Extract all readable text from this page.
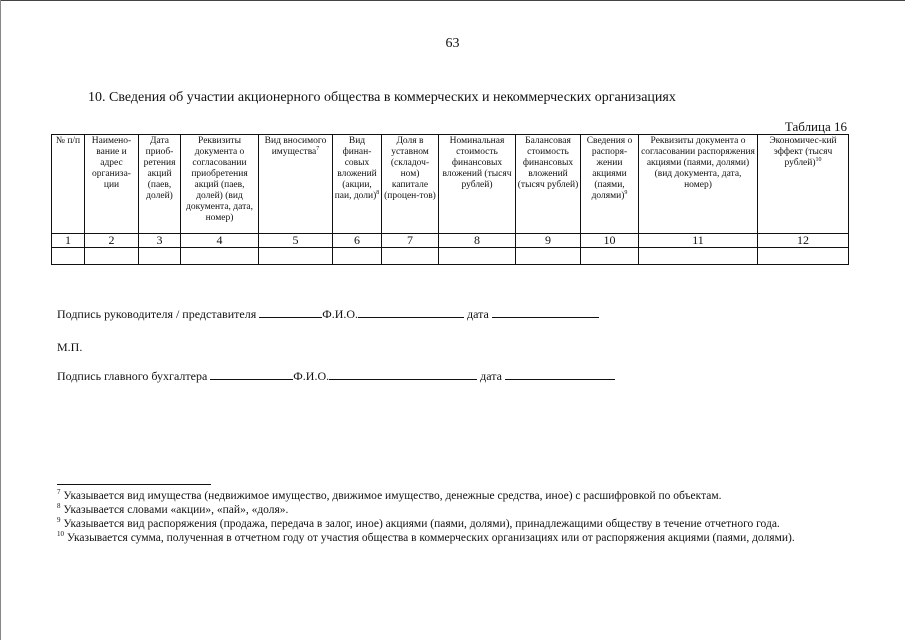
63
10. Сведения об участии акционерного общества в коммерческих и некоммерческих организациях
Таблица 16
№ п/п	Наимено-вание и адрес организа-ции	Дата приоб-ретения акций (паев, долей)	Реквизиты документа о согласовании приобретения акций (паев, долей) (вид документа, дата, номер)	Вид вносимого имущества$^7$	Вид финан-совых вложений (акции, паи, доли)$^8$	Доля в уставном (складоч-ном) капитале (процен-тов)	Номинальная стоимость финансовых вложений (тысяч рублей)	Балансовая стоимость финансовых вложений (тысяч рублей)	Сведения о распоря-жении акциями (паями, долями)$^9$	Реквизиты документа о согласовании распоряжения акциями (паями, долями) (вид документа, дата, номер)	Экономичес-кий эффект (тысяч рублей)$^{10}$
1	2	3	4	5	6	7	8	9	10	11	12

Подпись руководителя / представителя	Ф.И.О.	дата
М.П.
Подпись главного бухгалтера	Ф.И.О.	дата

$^7$ Указывается вид имущества (недвижимое имущество, движимое имущество, денежные средства, иное) с расшифровкой по объектам.

$^8$ Указывается словами «акции», «пай», «доля».

$^9$ Указывается вид распоряжения (продажа, передача в залог, иное) акциями (паями, долями), принадлежащими обществу в течение отчетного года.

$^{10}$ Указывается сумма, полученная в отчетном году от участия общества в коммерческих организациях или от распоряжения акциями (паями, долями).
